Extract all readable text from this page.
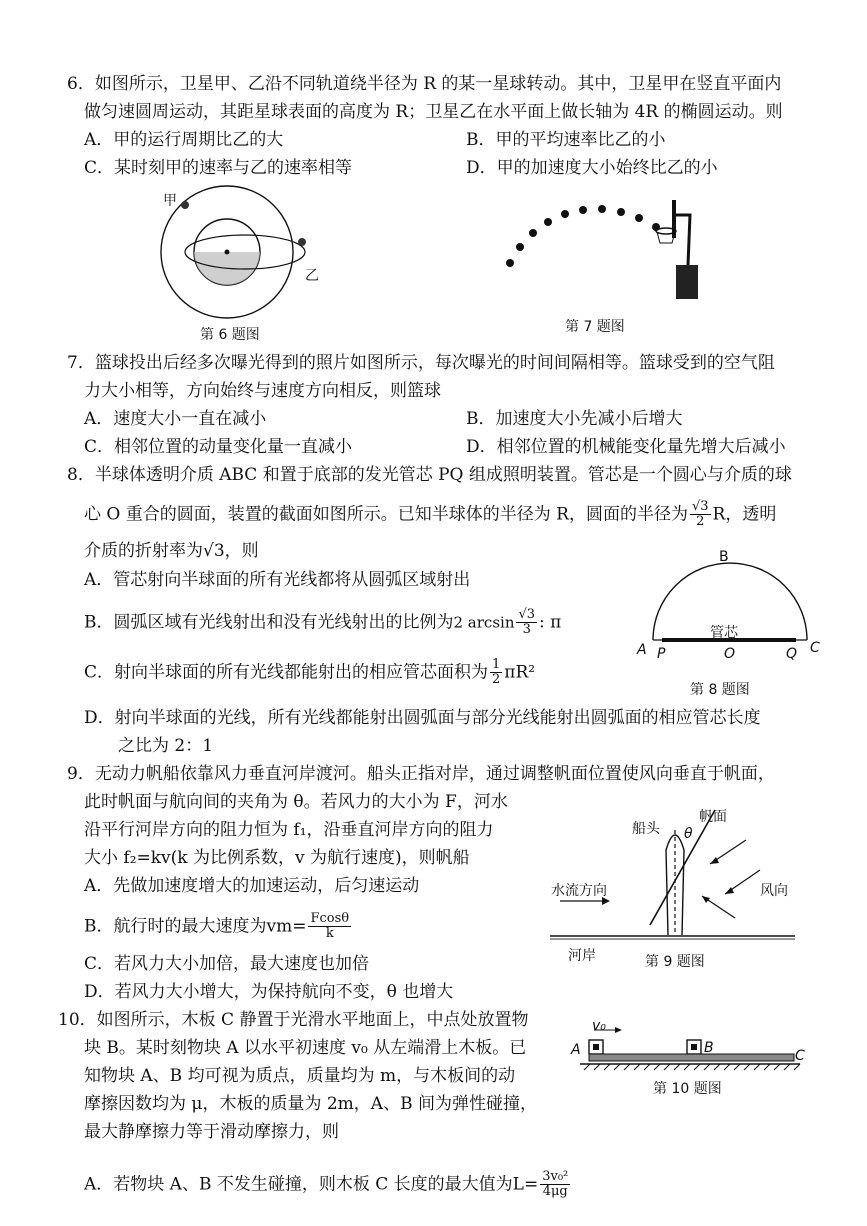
6．如图所示，卫星甲、乙沿不同轨道绕半径为 R 的某一星球转动。其中，卫星甲在竖直平面内
做匀速圆周运动，其距星球表面的高度为 R；卫星乙在水平面上做长轴为 4R 的椭圆运动。则
A．甲的运行周期比乙的大	B．甲的平均速率比乙的小
C．某时刻甲的速率与乙的速率相等	D．甲的加速度大小始终比乙的小
甲
乙
第 6 题图	第 7 题图
7．篮球投出后经多次曝光得到的照片如图所示，每次曝光的时间间隔相等。篮球受到的空气阻
力大小相等，方向始终与速度方向相反，则篮球
A．速度大小一直在减小	B．加速度大小先减小后增大
C．相邻位置的动量变化量一直减小	D．相邻位置的机械能变化量先增大后减小
8．半球体透明介质 ABC 和置于底部的发光管芯 PQ 组成照明装置。管芯是一个圆心与介质的球
心 O 重合的圆面，装置的截面如图所示。已知半球体的半径为 R，圆面的半径为 $\frac{√3}{2}$ R，透明
介质的折射率为√3，则
A．管芯射向半球面的所有光线都将从圆弧区域射出
B．圆弧区域有光线射出和没有光线射出的比例为2 $\arcsin \frac{√3}{3}$ : π
C．射向半球面的所有光线都能射出的相应管芯面积为 $\frac{1}{2} \pi R^2$
D．射向半球面的光线，所有光线都能射出圆弧面与部分光线能射出圆弧面的相应管芯长度
之比为 2：1
B
管芯
A P	O	Q C
第 8 题图
9．无动力帆船依靠风力垂直河岸渡河。船头正指对岸，通过调整帆面位置使风向垂直于帆面，
此时帆面与航向间的夹角为 θ。若风力的大小为 F，河水
沿平行河岸方向的阻力恒为 f₁，沿垂直河岸方向的阻力
大小 f₂=kv(k 为比例系数，v 为航行速度)，则帆船
A．先做加速度增大的加速运动，后匀速运动
B．航行时的最大速度为$vm= \frac{Fcos\theta}{k}$
C．若风力大小加倍，最大速度也加倍
D．若风力大小增大，为保持航向不变，θ 也增大
船头
帆面
θ
水流方向	风向
河岸	第 9 题图
10．如图所示，木板 C 静置于光滑水平地面上，中点处放置物
块 B。某时刻物块 A 以水平初速度 v₀ 从左端滑上木板。已
知物块 A、B 均可视为质点，质量均为 m，与木板间的动
摩擦因数均为 μ，木板的质量为 2m，A、B 间为弹性碰撞，
最大静摩擦力等于滑动摩擦力，则
A．若物块 A、B 不发生碰撞，则木板 C 长度的最大值为$L= \frac{\text{3v₀²}}{4\mu g}$
v₀
A	B	C
第 10 题图
